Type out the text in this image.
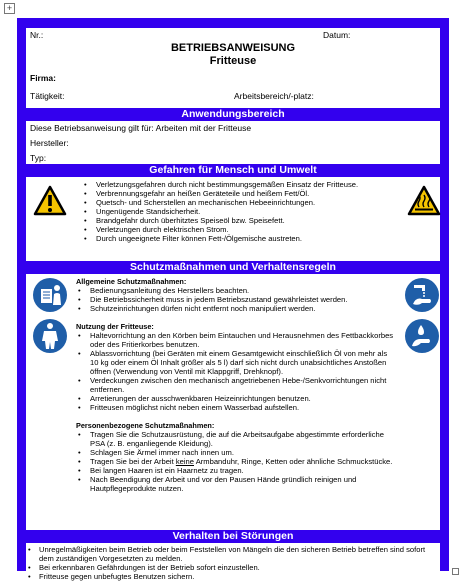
+
Nr.:	Datum:
BETRIEBSANWEISUNG
Fritteuse
Firma:
Tätigkeit:	Arbeitsbereich/-platz:
Anwendungsbereich
Diese Betriebsanweisung gilt für: Arbeiten mit der Fritteuse
Hersteller:
Typ:
Gefahren für Mensch und Umwelt
• Verletzungsgefahren durch nicht bestimmungsgemäßen Einsatz der Fritteuse.
• Verbrennungsgefahr an heißen Geräteteile und heißem Fett/Öl.
• Quetsch- und Scherstellen an mechanischen Hebeeinrichtungen.
• Ungenügende Standsicherheit.
• Brandgefahr durch überhitztes Speiseöl bzw. Speisefett.
• Verletzungen durch elektrischen Strom.
• Durch ungeeignete Filter können Fett-/Ölgemische austreten.
Schutzmaßnahmen und Verhaltensregeln
Allgemeine Schutzmaßnahmen:
• Bedienungsanleitung des Herstellers beachten.
• Die Betriebssicherheit muss in jedem Betriebszustand gewährleistet werden.
• Schutzeinrichtungen dürfen nicht entfernt noch manipuliert werden.
Nutzung der Fritteuse:
• Haltevorrichtung an den Körben beim Eintauchen und Herausnehmen des Fettbackkorbes oder des Fritierkorbes benutzen.
• Ablassvorrichtung (bei Geräten mit einem Gesamtgewicht einschließlich Öl von mehr als 10 kg oder einem Öl Inhalt größer als 5 l) darf sich nicht durch unabsichtliches Anstoßen öffnen (Verwendung von Ventil mit Klappgriff, Drehknopf).
• Verdeckungen zwischen den mechanisch angetriebenen Hebe-/Senkvorrichtungen nicht entfernen.
• Arretierungen der ausschwenkbaren Heizeinrichtungen benutzen.
• Fritteusen möglichst nicht neben einem Wasserbad aufstellen.
Personenbezogene Schutzmaßnahmen:
• Tragen Sie die Schutzausrüstung, die auf die Arbeitsaufgabe abgestimmte erforderliche PSA (z. B. enganliegende Kleidung).
• Schlagen Sie Ärmel immer nach innen um.
• Tragen Sie bei der Arbeit keine Armbanduhr, Ringe, Ketten oder ähnliche Schmuckstücke.
• Bei langen Haaren ist ein Haarnetz zu tragen.
• Nach Beendigung der Arbeit und vor den Pausen Hände gründlich reinigen und Hautpflegeprodukte nutzen.
Verhalten bei Störungen
• Unregelmäßigkeiten beim Betrieb oder beim Feststellen von Mängeln die den sicheren Betrieb betreffen sind sofort dem zuständigen Vorgesetzten zu melden.
• Bei erkennbaren Gefährdungen ist der Betrieb sofort einzustellen.
• Fritteuse gegen unbefugtes Benutzen sichern.
